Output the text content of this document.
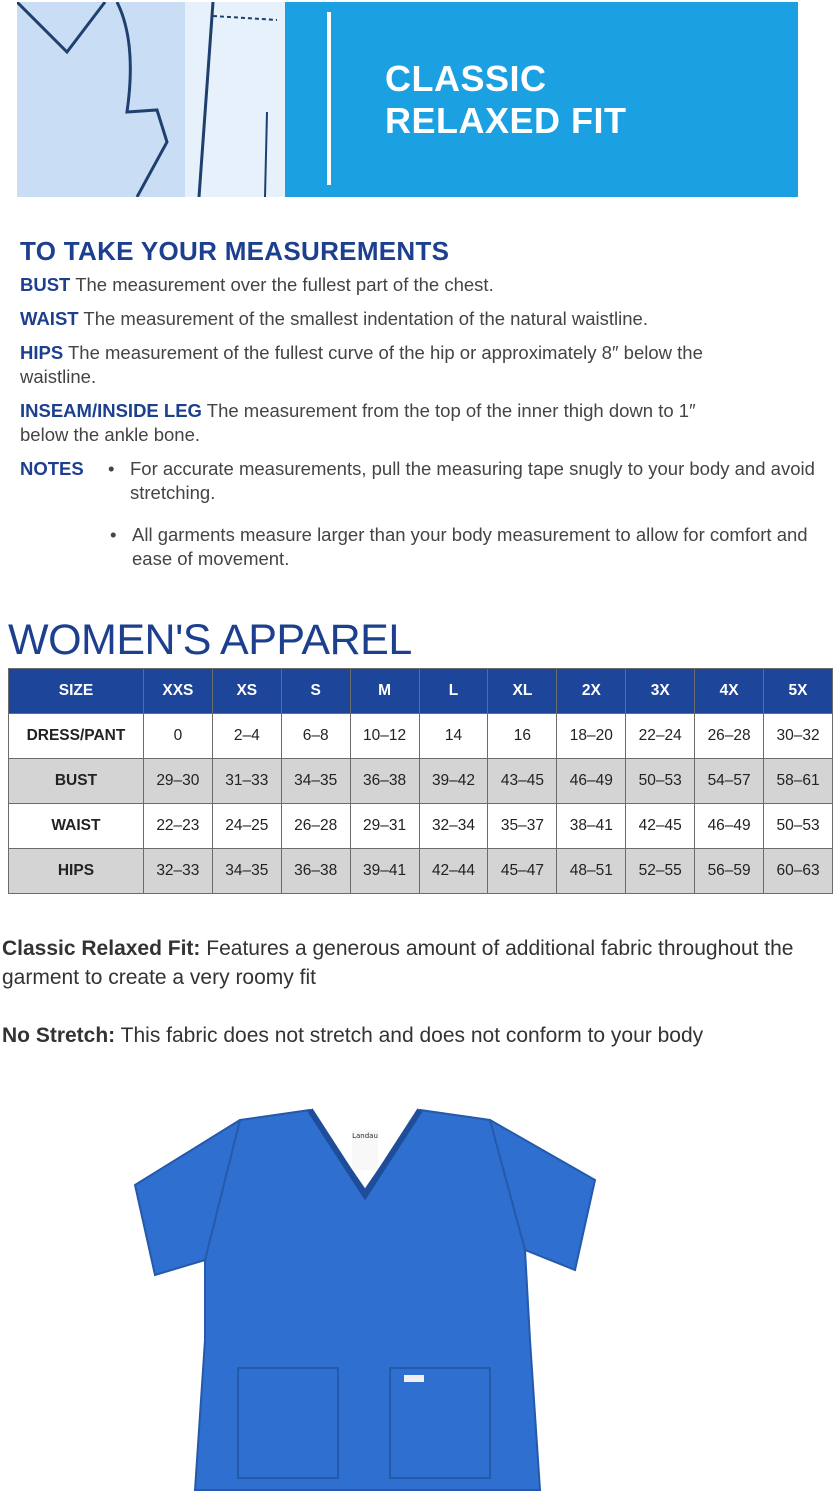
CLASSIC
RELAXED FIT
TO TAKE YOUR MEASUREMENTS
BUST The measurement over the fullest part of the chest.
WAIST The measurement of the smallest indentation of the natural waistline.
HIPS The measurement of the fullest curve of the hip or approximately 8″ below the waistline.
INSEAM/INSIDE LEG The measurement from the top of the inner thigh down to 1″ below the ankle bone.
NOTES • For accurate measurements, pull the measuring tape snugly to your body and avoid stretching.
• All garments measure larger than your body measurement to allow for comfort and ease of movement.
WOMEN'S APPAREL
SIZE	XXS	XS	S	M	L	XL	2X	3X	4X	5X
DRESS/PANT	0	2–4	6–8	10–12	14	16	18–20	22–24	26–28	30–32
BUST	29–30	31–33	34–35	36–38	39–42	43–45	46–49	50–53	54–57	58–61
WAIST	22–23	24–25	26–28	29–31	32–34	35–37	38–41	42–45	46–49	50–53
HIPS	32–33	34–35	36–38	39–41	42–44	45–47	48–51	52–55	56–59	60–63

Classic Relaxed Fit: Features a generous amount of additional fabric throughout the garment to create a very roomy fit

No Stretch: This fabric does not stretch and does not conform to your body

Landau
